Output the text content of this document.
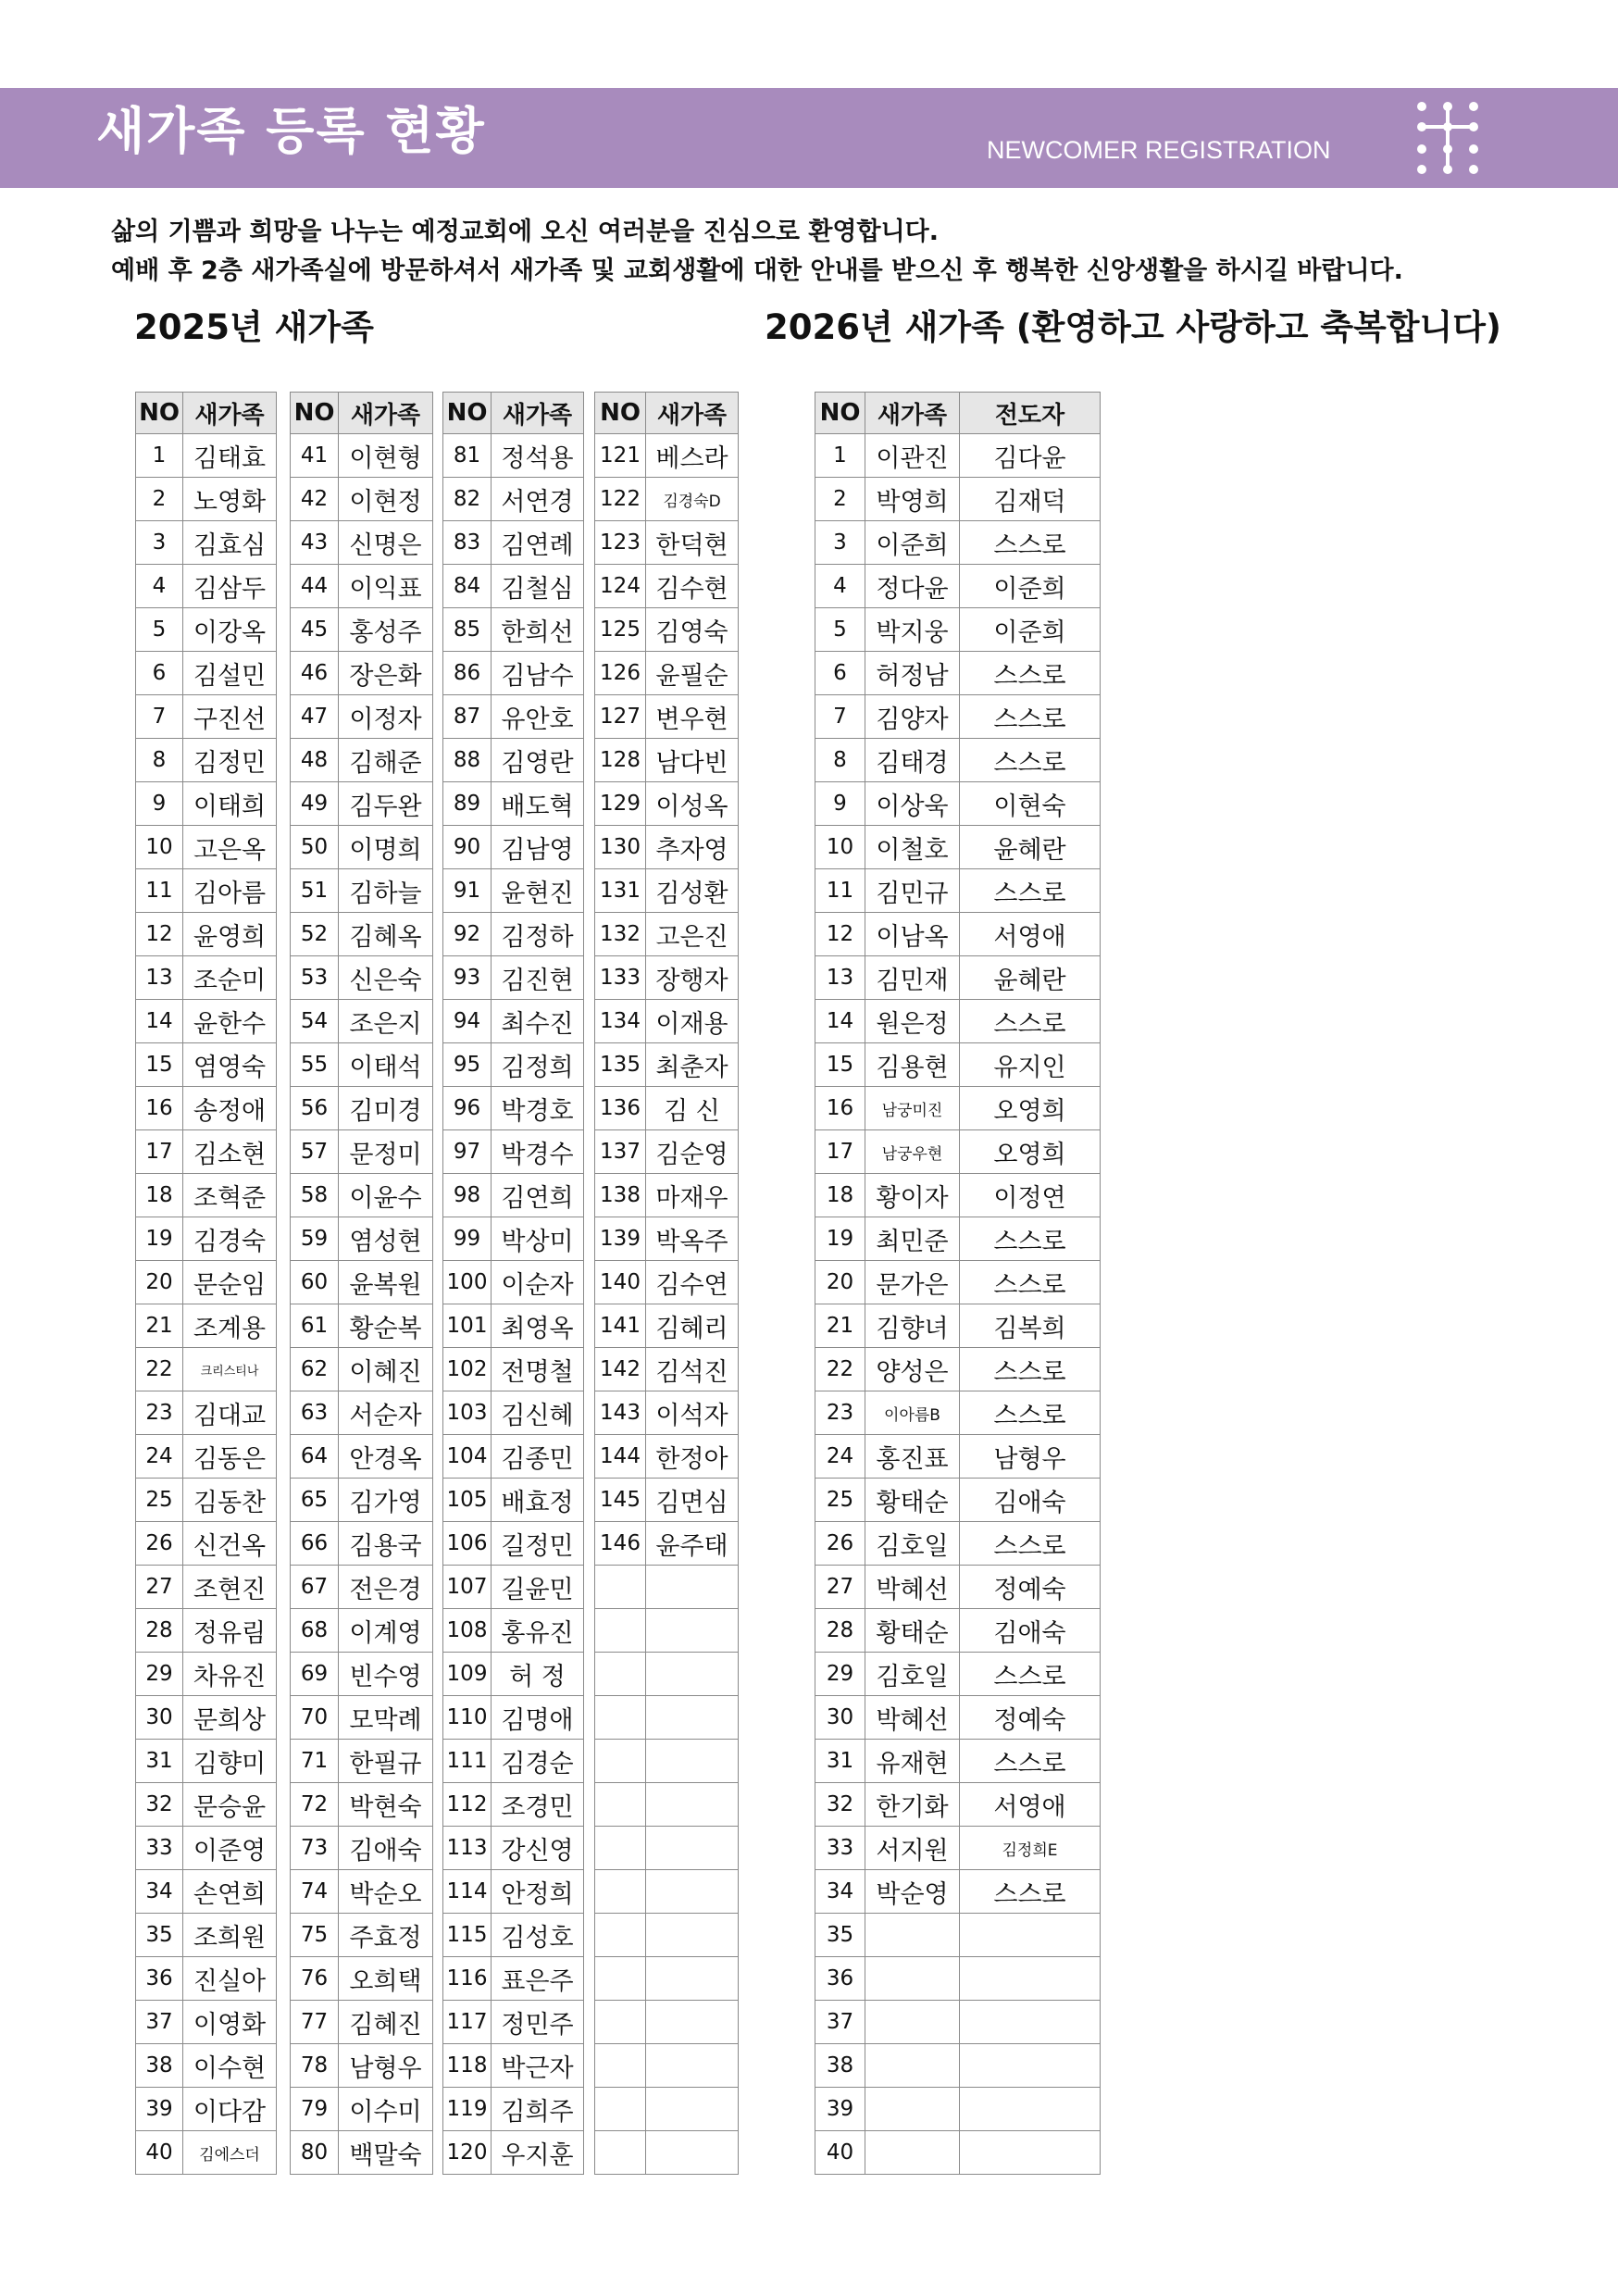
새가족 등록 현황	NEWCOMER REGISTRATION
삶의 기쁨과 희망을 나누는 예정교회에 오신 여러분을 진심으로 환영합니다.
예배 후 2층 새가족실에 방문하셔서 새가족 및 교회생활에 대한 안내를 받으신 후 행복한 신앙생활을 하시길 바랍니다.
2025년 새가족	2026년 새가족 (환영하고 사랑하고 축복합니다)
NO	새가족
1	김태효
2	노영화
3	김효심
4	김삼두
5	이강옥
6	김설민
7	구진선
8	김정민
9	이태희
10	고은옥
11	김아름
12	윤영희
13	조순미
14	윤한수
15	염영숙
16	송정애
17	김소현
18	조혁준
19	김경숙
20	문순임
21	조계용
22	크리스티나
23	김대교
24	김동은
25	김동찬
26	신건옥
27	조현진
28	정유림
29	차유진
30	문희상
31	김향미
32	문승윤
33	이준영
34	손연희
35	조희원
36	진실아
37	이영화
38	이수현
39	이다감
40	김에스더
NO	새가족
41	이현형
42	이현정
43	신명은
44	이익표
45	홍성주
46	장은화
47	이정자
48	김해준
49	김두완
50	이명희
51	김하늘
52	김혜옥
53	신은숙
54	조은지
55	이태석
56	김미경
57	문정미
58	이윤수
59	염성현
60	윤복원
61	황순복
62	이혜진
63	서순자
64	안경옥
65	김가영
66	김용국
67	전은경
68	이계영
69	빈수영
70	모막례
71	한필규
72	박현숙
73	김애숙
74	박순오
75	주효정
76	오희택
77	김혜진
78	남형우
79	이수미
80	백말숙
NO	새가족
81	정석용
82	서연경
83	김연례
84	김철심
85	한희선
86	김남수
87	유안호
88	김영란
89	배도혁
90	김남영
91	윤현진
92	김정하
93	김진현
94	최수진
95	김정희
96	박경호
97	박경수
98	김연희
99	박상미
100	이순자
101	최영옥
102	전명철
103	김신혜
104	김종민
105	배효정
106	길정민
107	길윤민
108	홍유진
109	허 정
110	김명애
111	김경순
112	조경민
113	강신영
114	안정희
115	김성호
116	표은주
117	정민주
118	박근자
119	김희주
120	우지훈
NO	새가족
121	베스라
122	김경숙D
123	한덕현
124	김수현
125	김영숙
126	윤필순
127	변우현
128	남다빈
129	이성옥
130	추자영
131	김성환
132	고은진
133	장행자
134	이재용
135	최춘자
136	김 신
137	김순영
138	마재우
139	박옥주
140	김수연
141	김혜리
142	김석진
143	이석자
144	한정아
145	김면심
146	윤주태

NO	새가족	전도자
1	이관진	김다윤
2	박영희	김재덕
3	이준희	스스로
4	정다윤	이준희
5	박지웅	이준희
6	허정남	스스로
7	김양자	스스로
8	김태경	스스로
9	이상욱	이현숙
10	이철호	윤혜란
11	김민규	스스로
12	이남옥	서영애
13	김민재	윤혜란
14	원은정	스스로
15	김용현	유지인
16	남궁미진	오영희
17	남궁우현	오영희
18	황이자	이정연
19	최민준	스스로
20	문가은	스스로
21	김향녀	김복희
22	양성은	스스로
23	이아름B	스스로
24	홍진표	남형우
25	황태순	김애숙
26	김호일	스스로
27	박혜선	정예숙
28	황태순	김애숙
29	김호일	스스로
30	박혜선	정예숙
31	유재현	스스로
32	한기화	서영애
33	서지원	김정희E
34	박순영	스스로
35		
36		
37		
38		
39		
40		
